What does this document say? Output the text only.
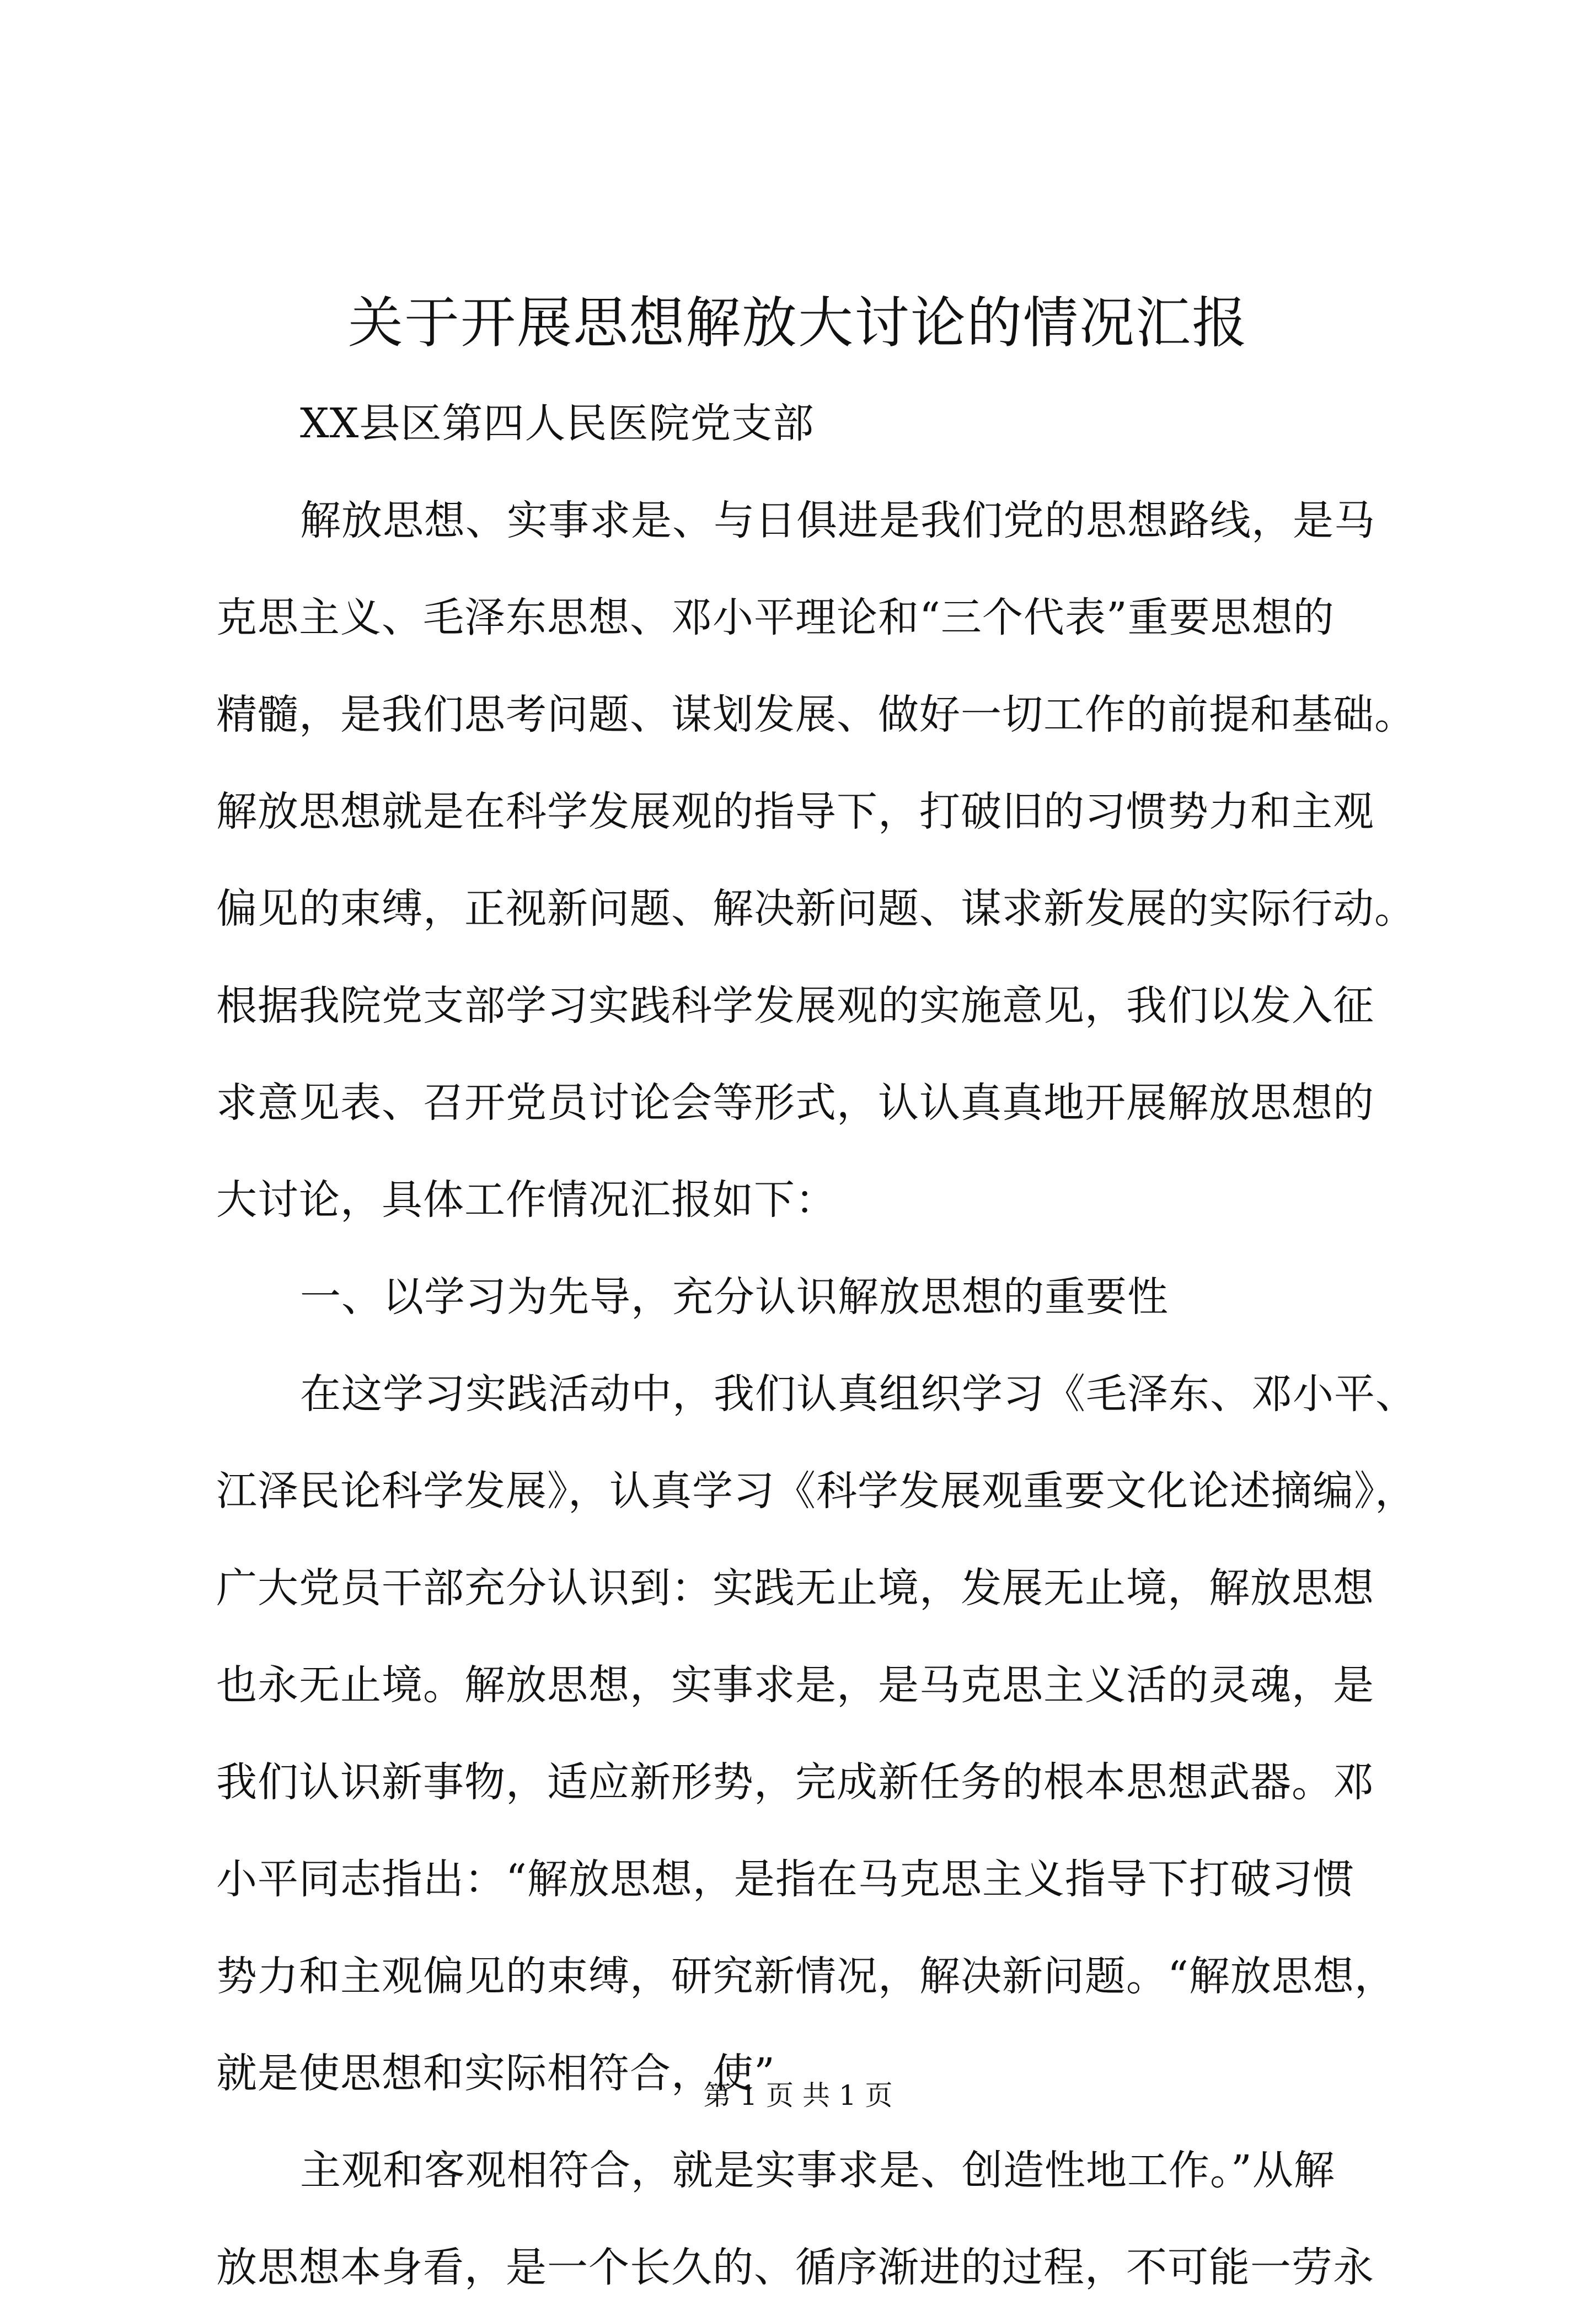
关于开展思想解放大讨论的情况汇报
XX县区第四人民医院党支部
解放思想、实事求是、与日俱进是我们党的思想路线，是马
克思主义、毛泽东思想、邓小平理论和“三个代表”重要思想的
精髓，是我们思考问题、谋划发展、做好一切工作的前提和基础。
解放思想就是在科学发展观的指导下，打破旧的习惯势力和主观
偏见的束缚，正视新问题、解决新问题、谋求新发展的实际行动。
根据我院党支部学习实践科学发展观的实施意见，我们以发入征
求意见表、召开党员讨论会等形式，认认真真地开展解放思想的
大讨论，具体工作情况汇报如下：
一、以学习为先导，充分认识解放思想的重要性
在这学习实践活动中，我们认真组织学习《毛泽东、邓小平、
江泽民论科学发展》，认真学习《科学发展观重要文化论述摘编》，
广大党员干部充分认识到：实践无止境，发展无止境，解放思想
也永无止境。解放思想，实事求是，是马克思主义活的灵魂，是
我们认识新事物，适应新形势，完成新任务的根本思想武器。邓
小平同志指出：“解放思想，是指在马克思主义指导下打破习惯
势力和主观偏见的束缚，研究新情况，解决新问题。“解放思想，
就是使思想和实际相符合，使”
主观和客观相符合，就是实事求是、创造性地工作。”从解
放思想本身看，是一个长久的、循序渐进的过程，不可能一劳永
第 1 页 共 1 页
